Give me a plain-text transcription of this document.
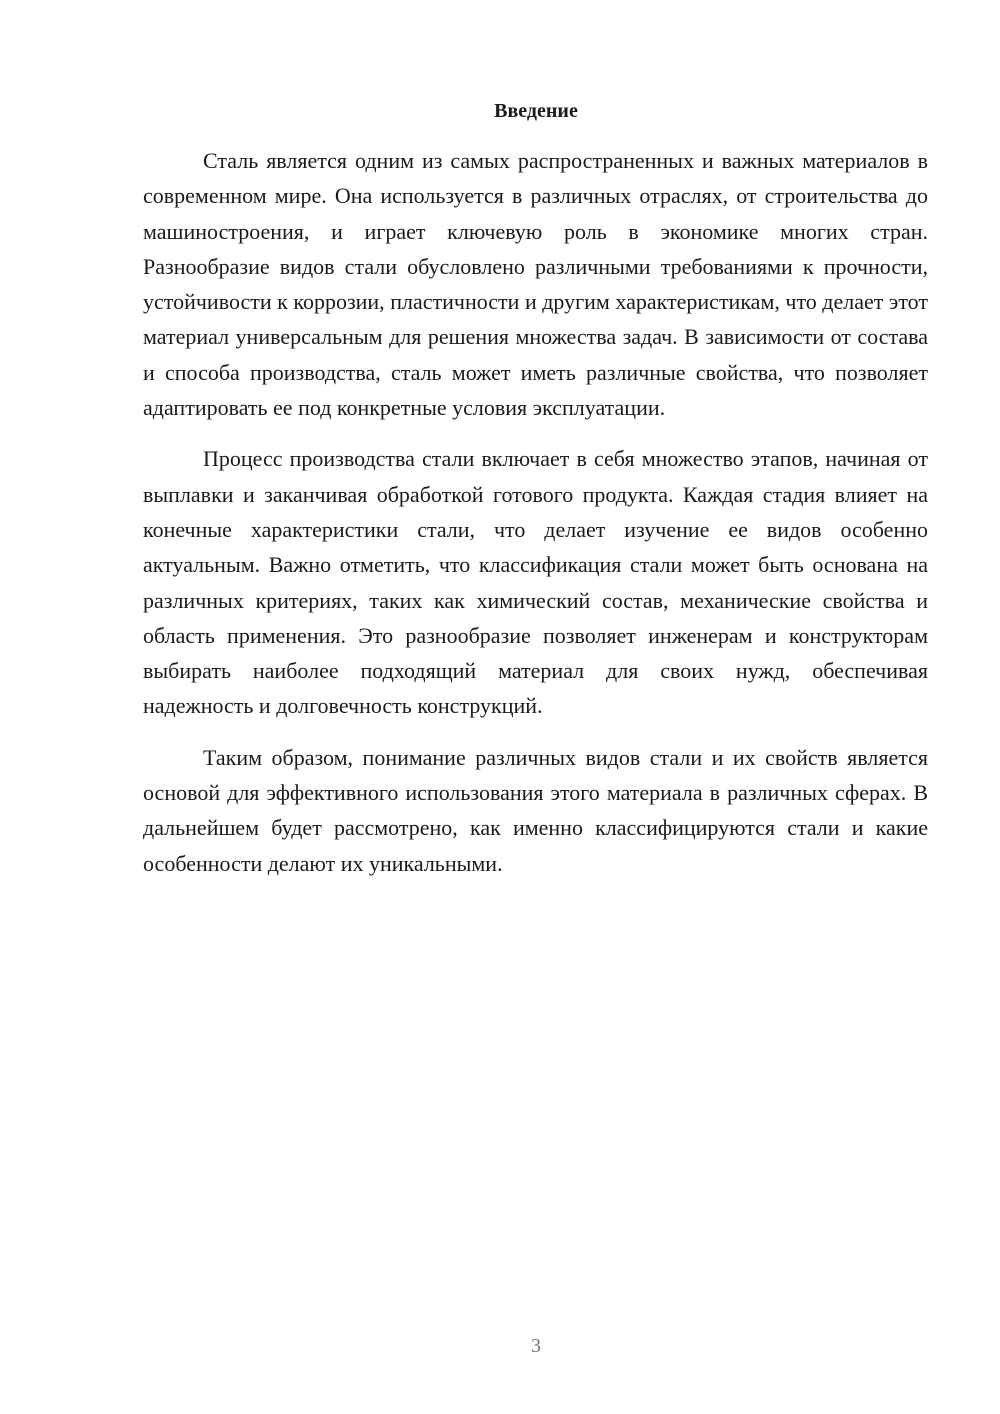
Введение

Сталь является одним из самых распространенных и важных материалов в современном мире. Она используется в различных отраслях, от строительства до машиностроения, и играет ключевую роль в экономике многих стран. Разнообразие видов стали обусловлено различными требованиями к прочности, устойчивости к коррозии, пластичности и другим характеристикам, что делает этот материал универсальным для решения множества задач. В зависимости от состава и способа производства, сталь может иметь различные свойства, что позволяет адаптировать ее под конкретные условия эксплуатации.

Процесс производства стали включает в себя множество этапов, начиная от выплавки и заканчивая обработкой готового продукта. Каждая стадия влияет на конечные характеристики стали, что делает изучение ее видов особенно актуальным. Важно отметить, что классификация стали может быть основана на различных критериях, таких как химический состав, механические свойства и область применения. Это разнообразие позволяет инженерам и конструкторам выбирать наиболее подходящий материал для своих нужд, обеспечивая надежность и долговечность конструкций.

Таким образом, понимание различных видов стали и их свойств является основой для эффективного использования этого материала в различных сферах. В дальнейшем будет рассмотрено, как именно классифицируются стали и какие особенности делают их уникальными.

3
